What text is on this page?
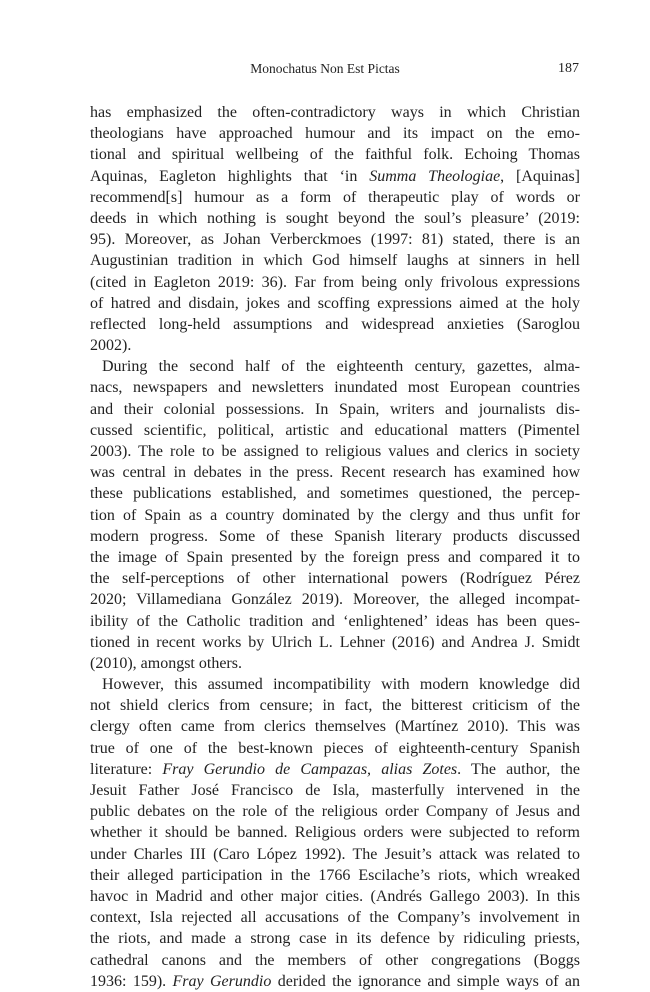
Monochatus Non Est Pictas	187
has emphasized the often-contradictory ways in which Christian
theologians have approached humour and its impact on the emo-
tional and spiritual wellbeing of the faithful folk. Echoing Thomas
Aquinas, Eagleton highlights that ‘in Summa Theologiae, [Aquinas]
recommend[s] humour as a form of therapeutic play of words or
deeds in which nothing is sought beyond the soul’s pleasure’ (2019:
95). Moreover, as Johan Verberckmoes (1997: 81) stated, there is an
Augustinian tradition in which God himself laughs at sinners in hell
(cited in Eagleton 2019: 36). Far from being only frivolous expressions
of hatred and disdain, jokes and scoffing expressions aimed at the holy
reflected long-held assumptions and widespread anxieties (Saroglou
2002).
During the second half of the eighteenth century, gazettes, alma-
nacs, newspapers and newsletters inundated most European countries
and their colonial possessions. In Spain, writers and journalists dis-
cussed scientific, political, artistic and educational matters (Pimentel
2003). The role to be assigned to religious values and clerics in society
was central in debates in the press. Recent research has examined how
these publications established, and sometimes questioned, the percep-
tion of Spain as a country dominated by the clergy and thus unfit for
modern progress. Some of these Spanish literary products discussed
the image of Spain presented by the foreign press and compared it to
the self-perceptions of other international powers (Rodríguez Pérez
2020; Villamediana González 2019). Moreover, the alleged incompat-
ibility of the Catholic tradition and ‘enlightened’ ideas has been ques-
tioned in recent works by Ulrich L. Lehner (2016) and Andrea J. Smidt
(2010), amongst others.
However, this assumed incompatibility with modern knowledge did
not shield clerics from censure; in fact, the bitterest criticism of the
clergy often came from clerics themselves (Martínez 2010). This was
true of one of the best-known pieces of eighteenth-century Spanish
literature: Fray Gerundio de Campazas, alias Zotes. The author, the
Jesuit Father José Francisco de Isla, masterfully intervened in the
public debates on the role of the religious order Company of Jesus and
whether it should be banned. Religious orders were subjected to reform
under Charles III (Caro López 1992). The Jesuit’s attack was related to
their alleged participation in the 1766 Escilache’s riots, which wreaked
havoc in Madrid and other major cities. (Andrés Gallego 2003). In this
context, Isla rejected all accusations of the Company’s involvement in
the riots, and made a strong case in its defence by ridiculing priests,
cathedral canons and the members of other congregations (Boggs
1936: 159). Fray Gerundio derided the ignorance and simple ways of an
